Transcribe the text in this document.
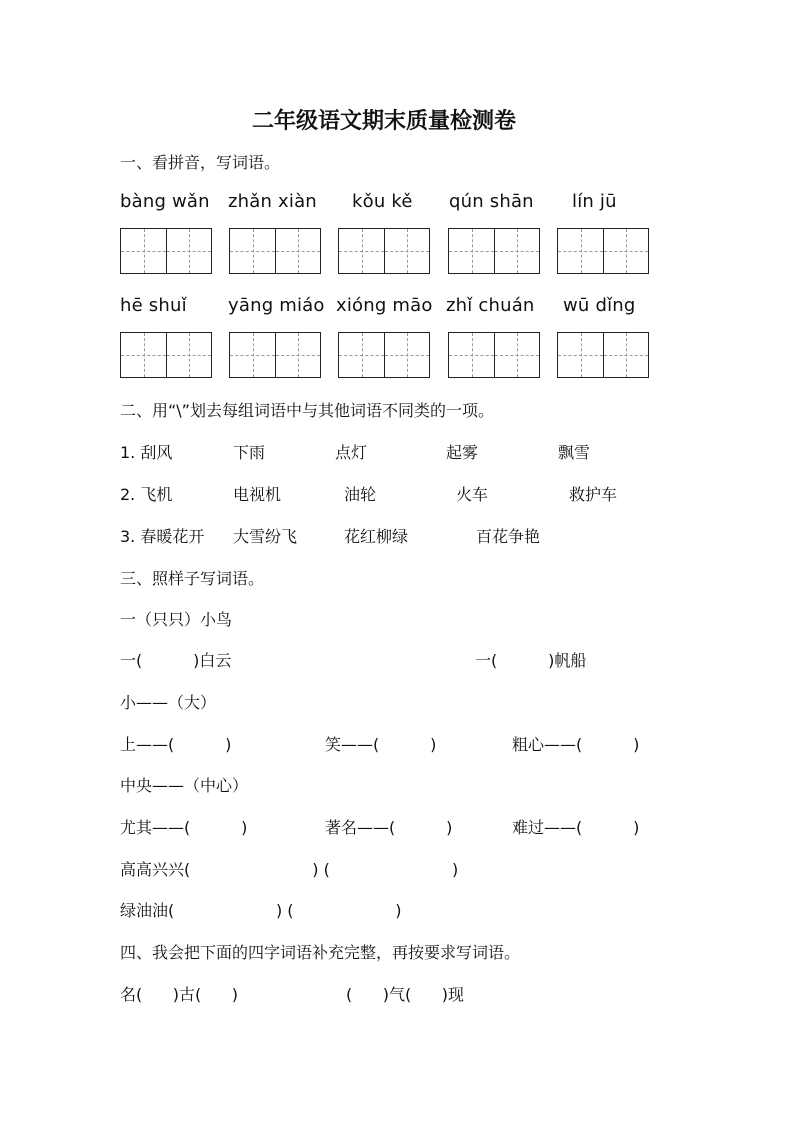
二年级语文期末质量检测卷
一、看拼音，写词语。
bàng wǎn zhǎn xiàn kǒu kě qún shān lín jū
hē shuǐ yāng miáo xióng māo zhǐ chuán wū dǐng
二、用“\”划去每组词语中与其他词语不同类的一项。
1. 刮风	下雨	点灯	起雾	飘雪
2. 飞机	电视机	油轮	火车	救护车
3. 春暖花开 大雪纷飞	花红柳绿	百花争艳
三、照样子写词语。
一（只只）小鸟
一(          )白云	一(          )帆船
小——（大）
上——(          )	笑——(          )	粗心——(          )
中央——（中心）
尤其——(          )	著名——(          )	难过——(          )
高高兴兴(                        ) (                        )
绿油油(                    ) (                    )
四、我会把下面的四字词语补充完整，再按要求写词语。
名(      )古(      )	(      )气(      )现
